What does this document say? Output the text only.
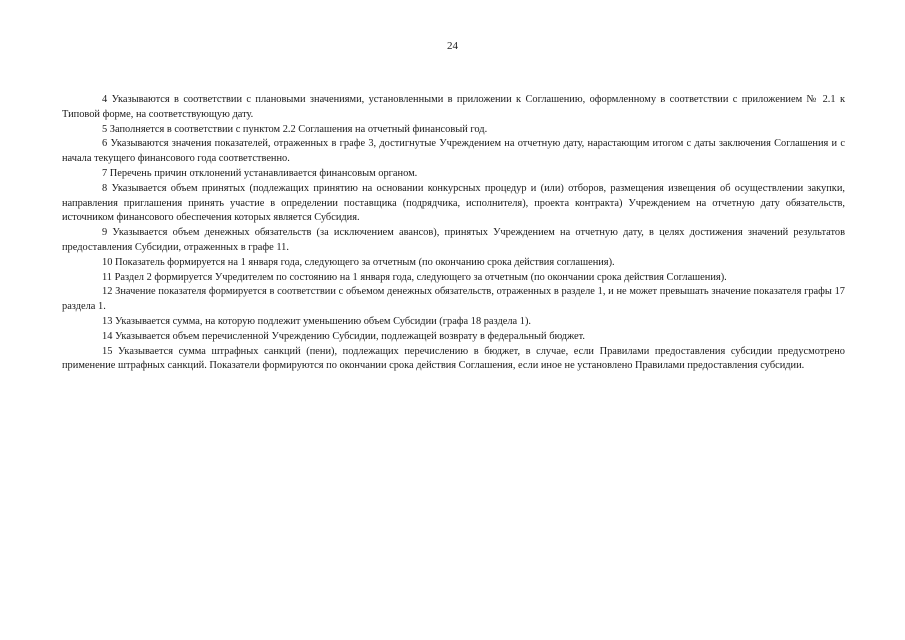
24

4 Указываются в соответствии с плановыми значениями, установленными в приложении к Соглашению, оформленному в соответствии с приложением № 2.1 к Типовой форме, на соответствующую дату.

5 Заполняется в соответствии с пунктом 2.2 Соглашения на отчетный финансовый год.

6 Указываются значения показателей, отраженных в графе 3, достигнутые Учреждением на отчетную дату, нарастающим итогом с даты заключения Соглашения и с начала текущего финансового года соответственно.

7 Перечень причин отклонений устанавливается финансовым органом.

8 Указывается объем принятых (подлежащих принятию на основании конкурсных процедур и (или) отборов, размещения извещения об осуществлении закупки, направления приглашения принять участие в определении поставщика (подрядчика, исполнителя), проекта контракта) Учреждением на отчетную дату обязательств, источником финансового обеспечения которых является Субсидия.

9 Указывается объем денежных обязательств (за исключением авансов), принятых Учреждением на отчетную дату, в целях достижения значений результатов предоставления Субсидии, отраженных в графе 11.

10 Показатель формируется на 1 января года, следующего за отчетным (по окончанию срока действия соглашения).

11 Раздел 2 формируется Учредителем по состоянию на 1 января года, следующего за отчетным (по окончании срока действия Соглашения).

12 Значение показателя формируется в соответствии с объемом денежных обязательств, отраженных в разделе 1, и не может превышать значение показателя графы 17 раздела 1.

13 Указывается сумма, на которую подлежит уменьшению объем Субсидии (графа 18 раздела 1).

14 Указывается объем перечисленной Учреждению Субсидии, подлежащей возврату в федеральный бюджет.

15 Указывается сумма штрафных санкций (пени), подлежащих перечислению в бюджет, в случае, если Правилами предоставления субсидии предусмотрено применение штрафных санкций. Показатели формируются по окончании срока действия Соглашения, если иное не установлено Правилами предоставления субсидии.
